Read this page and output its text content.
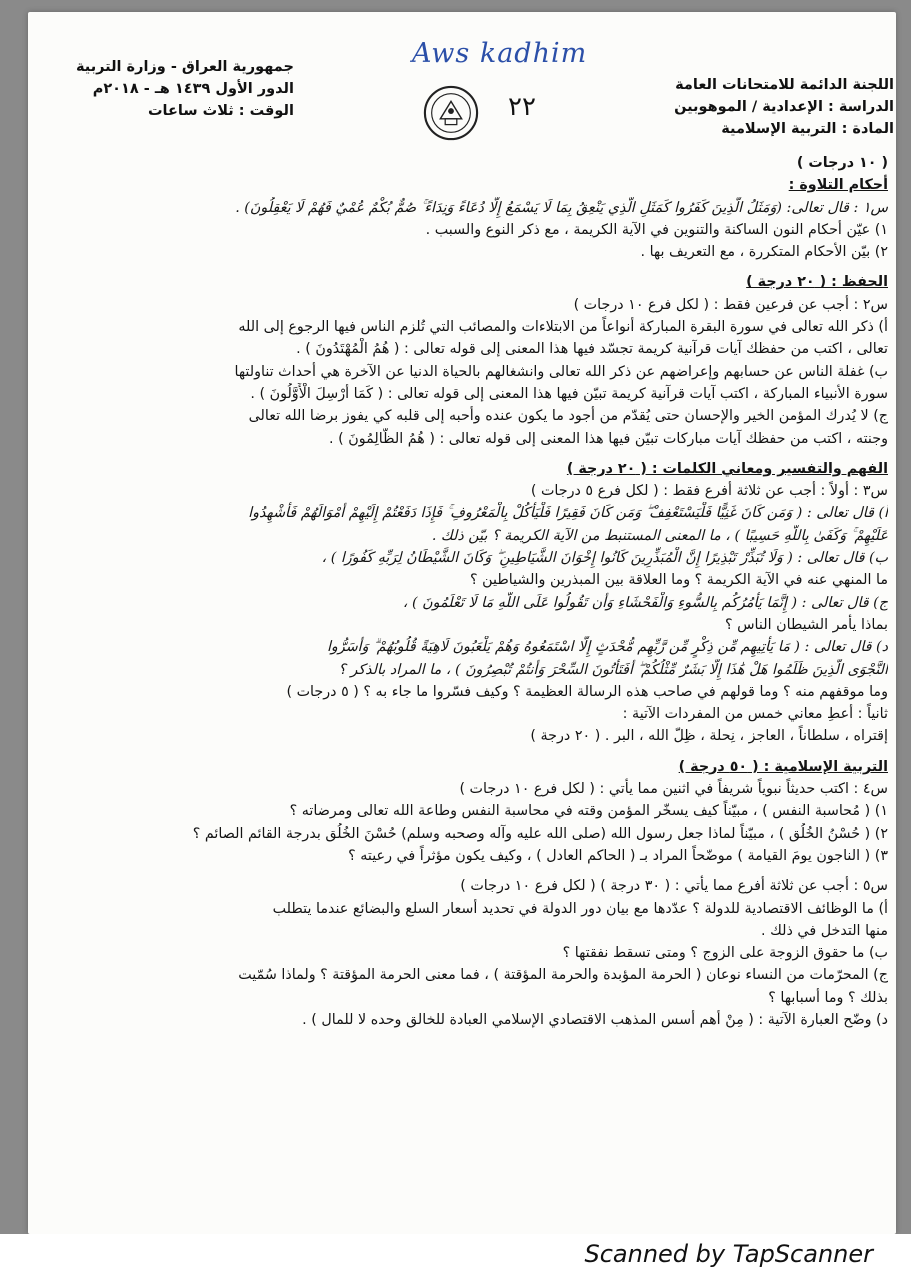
Aws kadhim
اللجنة الدائمة للامتحانات العامة
الدراسة : الإعدادية / الموهوبين
المادة : التربية الإسلامية
جمهورية العراق - وزارة التربية
الدور الأول ١٤٣٩ هـ - ٢٠١٨م
الوقت : ثلاث ساعات	٢٢
( ١٠ درجات )
أحكام التلاوة :
س١ : قال تعالى: (وَمَثَلُ الَّذِينَ كَفَرُوا كَمَثَلِ الَّذِي يَنْعِقُ بِمَا لَا يَسْمَعُ إِلَّا دُعَاءً وَنِدَاءً ۚ صُمٌّ بُكْمٌ عُمْيٌ فَهُمْ لَا يَعْقِلُونَ) .
١) عيّن أحكام النون الساكنة والتنوين في الآية الكريمة ، مع ذكر النوع والسبب .
٢) بيّن الأحكام المتكررة ، مع التعريف بها .
الحفظ : ( ٢٠ درجة )
س٢ : أجب عن فرعين فقط : ( لكل فرع ١٠ درجات )
أ) ذكر الله تعالى في سورة البقرة المباركة أنواعاً من الابتلاءات والمصائب التي تُلزم الناس فيها الرجوع إلى الله
تعالى ، اكتب من حفظك آيات قرآنية كريمة تجسّد فيها هذا المعنى إلى قوله تعالى : ( هُمُ الْمُهْتَدُونَ ) .
ب) غفلة الناس عن حسابهم وإعراضهم عن ذكر الله تعالى وانشغالهم بالحياة الدنيا عن الآخرة هي أحداث تناولتها
سورة الأنبياء المباركة ، اكتب آيات قرآنية كريمة تبيّن فيها هذا المعنى إلى قوله تعالى : ( كَمَا أُرْسِلَ الْأَوَّلُونَ ) .
ج) لا يُدرك المؤمن الخير والإحسان حتى يُقدّم من أجود ما يكون عنده وأحبه إلى قلبه كي يفوز برضا الله تعالى
وجنته ، اكتب من حفظك آيات مباركات تبيّن فيها هذا المعنى إلى قوله تعالى : ( هُمُ الظَّالِمُونَ ) .
الفهم والتفسير ومعاني الكلمات : ( ٢٠ درجة )
س٣ : أولاً : أجب عن ثلاثة أفرع فقط : ( لكل فرع ٥ درجات )
أ) قال تعالى : ( وَمَن كَانَ غَنِيًّا فَلْيَسْتَعْفِفْ ۖ وَمَن كَانَ فَقِيرًا فَلْيَأْكُلْ بِالْمَعْرُوفِ ۚ فَإِذَا دَفَعْتُمْ إِلَيْهِمْ أَمْوَالَهُمْ فَأَشْهِدُوا
عَلَيْهِمْ ۚ وَكَفَىٰ بِاللَّهِ حَسِيبًا ) ، ما المعنى المستنبط من الآية الكريمة ؟ بيّن ذلك .
ب) قال تعالى : ( وَلَا تُبَذِّرْ تَبْذِيرًا إِنَّ الْمُبَذِّرِينَ كَانُوا إِخْوَانَ الشَّيَاطِينِ ۖ وَكَانَ الشَّيْطَانُ لِرَبِّهِ كَفُورًا ) ،
ما المنهي عنه في الآية الكريمة ؟ وما العلاقة بين المبذرين والشياطين ؟
ج) قال تعالى : ( إِنَّمَا يَأْمُرُكُم بِالسُّوءِ وَالْفَحْشَاءِ وَأَن تَقُولُوا عَلَى اللَّهِ مَا لَا تَعْلَمُونَ ) ،
بماذا يأمر الشيطان الناس ؟
د) قال تعالى : ( مَا يَأْتِيهِم مِّن ذِكْرٍ مِّن رَّبِّهِم مُّحْدَثٍ إِلَّا اسْتَمَعُوهُ وَهُمْ يَلْعَبُونَ لَاهِيَةً قُلُوبُهُمْ ۗ وَأَسَرُّوا
النَّجْوَى الَّذِينَ ظَلَمُوا هَلْ هَٰذَا إِلَّا بَشَرٌ مِّثْلُكُمْ ۖ أَفَتَأْتُونَ السِّحْرَ وَأَنتُمْ تُبْصِرُونَ ) ، ما المراد بالذكر ؟
وما موقفهم منه ؟ وما قولهم في صاحب هذه الرسالة العظيمة ؟ وكيف فسّروا ما جاء به ؟ ( ٥ درجات )
ثانياً : أعطِ معاني خمس من المفردات الآتية :
إقتراه ، سلطاناً ، العاجز ، نِحلة ، ظِلّ الله ، البر . ( ٢٠ درجة )
التربية الإسلامية : ( ٥٠ درجة )
س٤ : اكتب حديثاً نبوياً شريفاً في اثنين مما يأتي : ( لكل فرع ١٠ درجات )
١) ( مُحاسبة النفس ) ، مبيّناً كيف يسخّر المؤمن وقته في محاسبة النفس وطاعة الله تعالى ومرضاته ؟
٢) ( حُسْنُ الخُلُق ) ، مبيّناً لماذا جعل رسول الله (صلى الله عليه وآله وصحبه وسلم) حُسْنَ الخُلُق بدرجة القائم الصائم ؟
٣) ( الناجون يومَ القيامة ) موضّحاً المراد بـ ( الحاكم العادل ) ، وكيف يكون مؤثراً في رعيته ؟
س٥ : أجب عن ثلاثة أفرع مما يأتي : ( ٣٠ درجة ) ( لكل فرع ١٠ درجات )
أ) ما الوظائف الاقتصادية للدولة ؟ عدّدها مع بيان دور الدولة في تحديد أسعار السلع والبضائع عندما يتطلب
منها التدخل في ذلك .
ب) ما حقوق الزوجة على الزوج ؟ ومتى تسقط نفقتها ؟
ج) المحرّمات من النساء نوعان ( الحرمة المؤبدة والحرمة المؤقتة ) ، فما معنى الحرمة المؤقتة ؟ ولماذا سُمّيت
بذلك ؟ وما أسبابها ؟
د) وضّح العبارة الآتية : ( مِنْ أهم أسس المذهب الاقتصادي الإسلامي العبادة للخالق وحده لا للمال ) .
Scanned by TapScanner
